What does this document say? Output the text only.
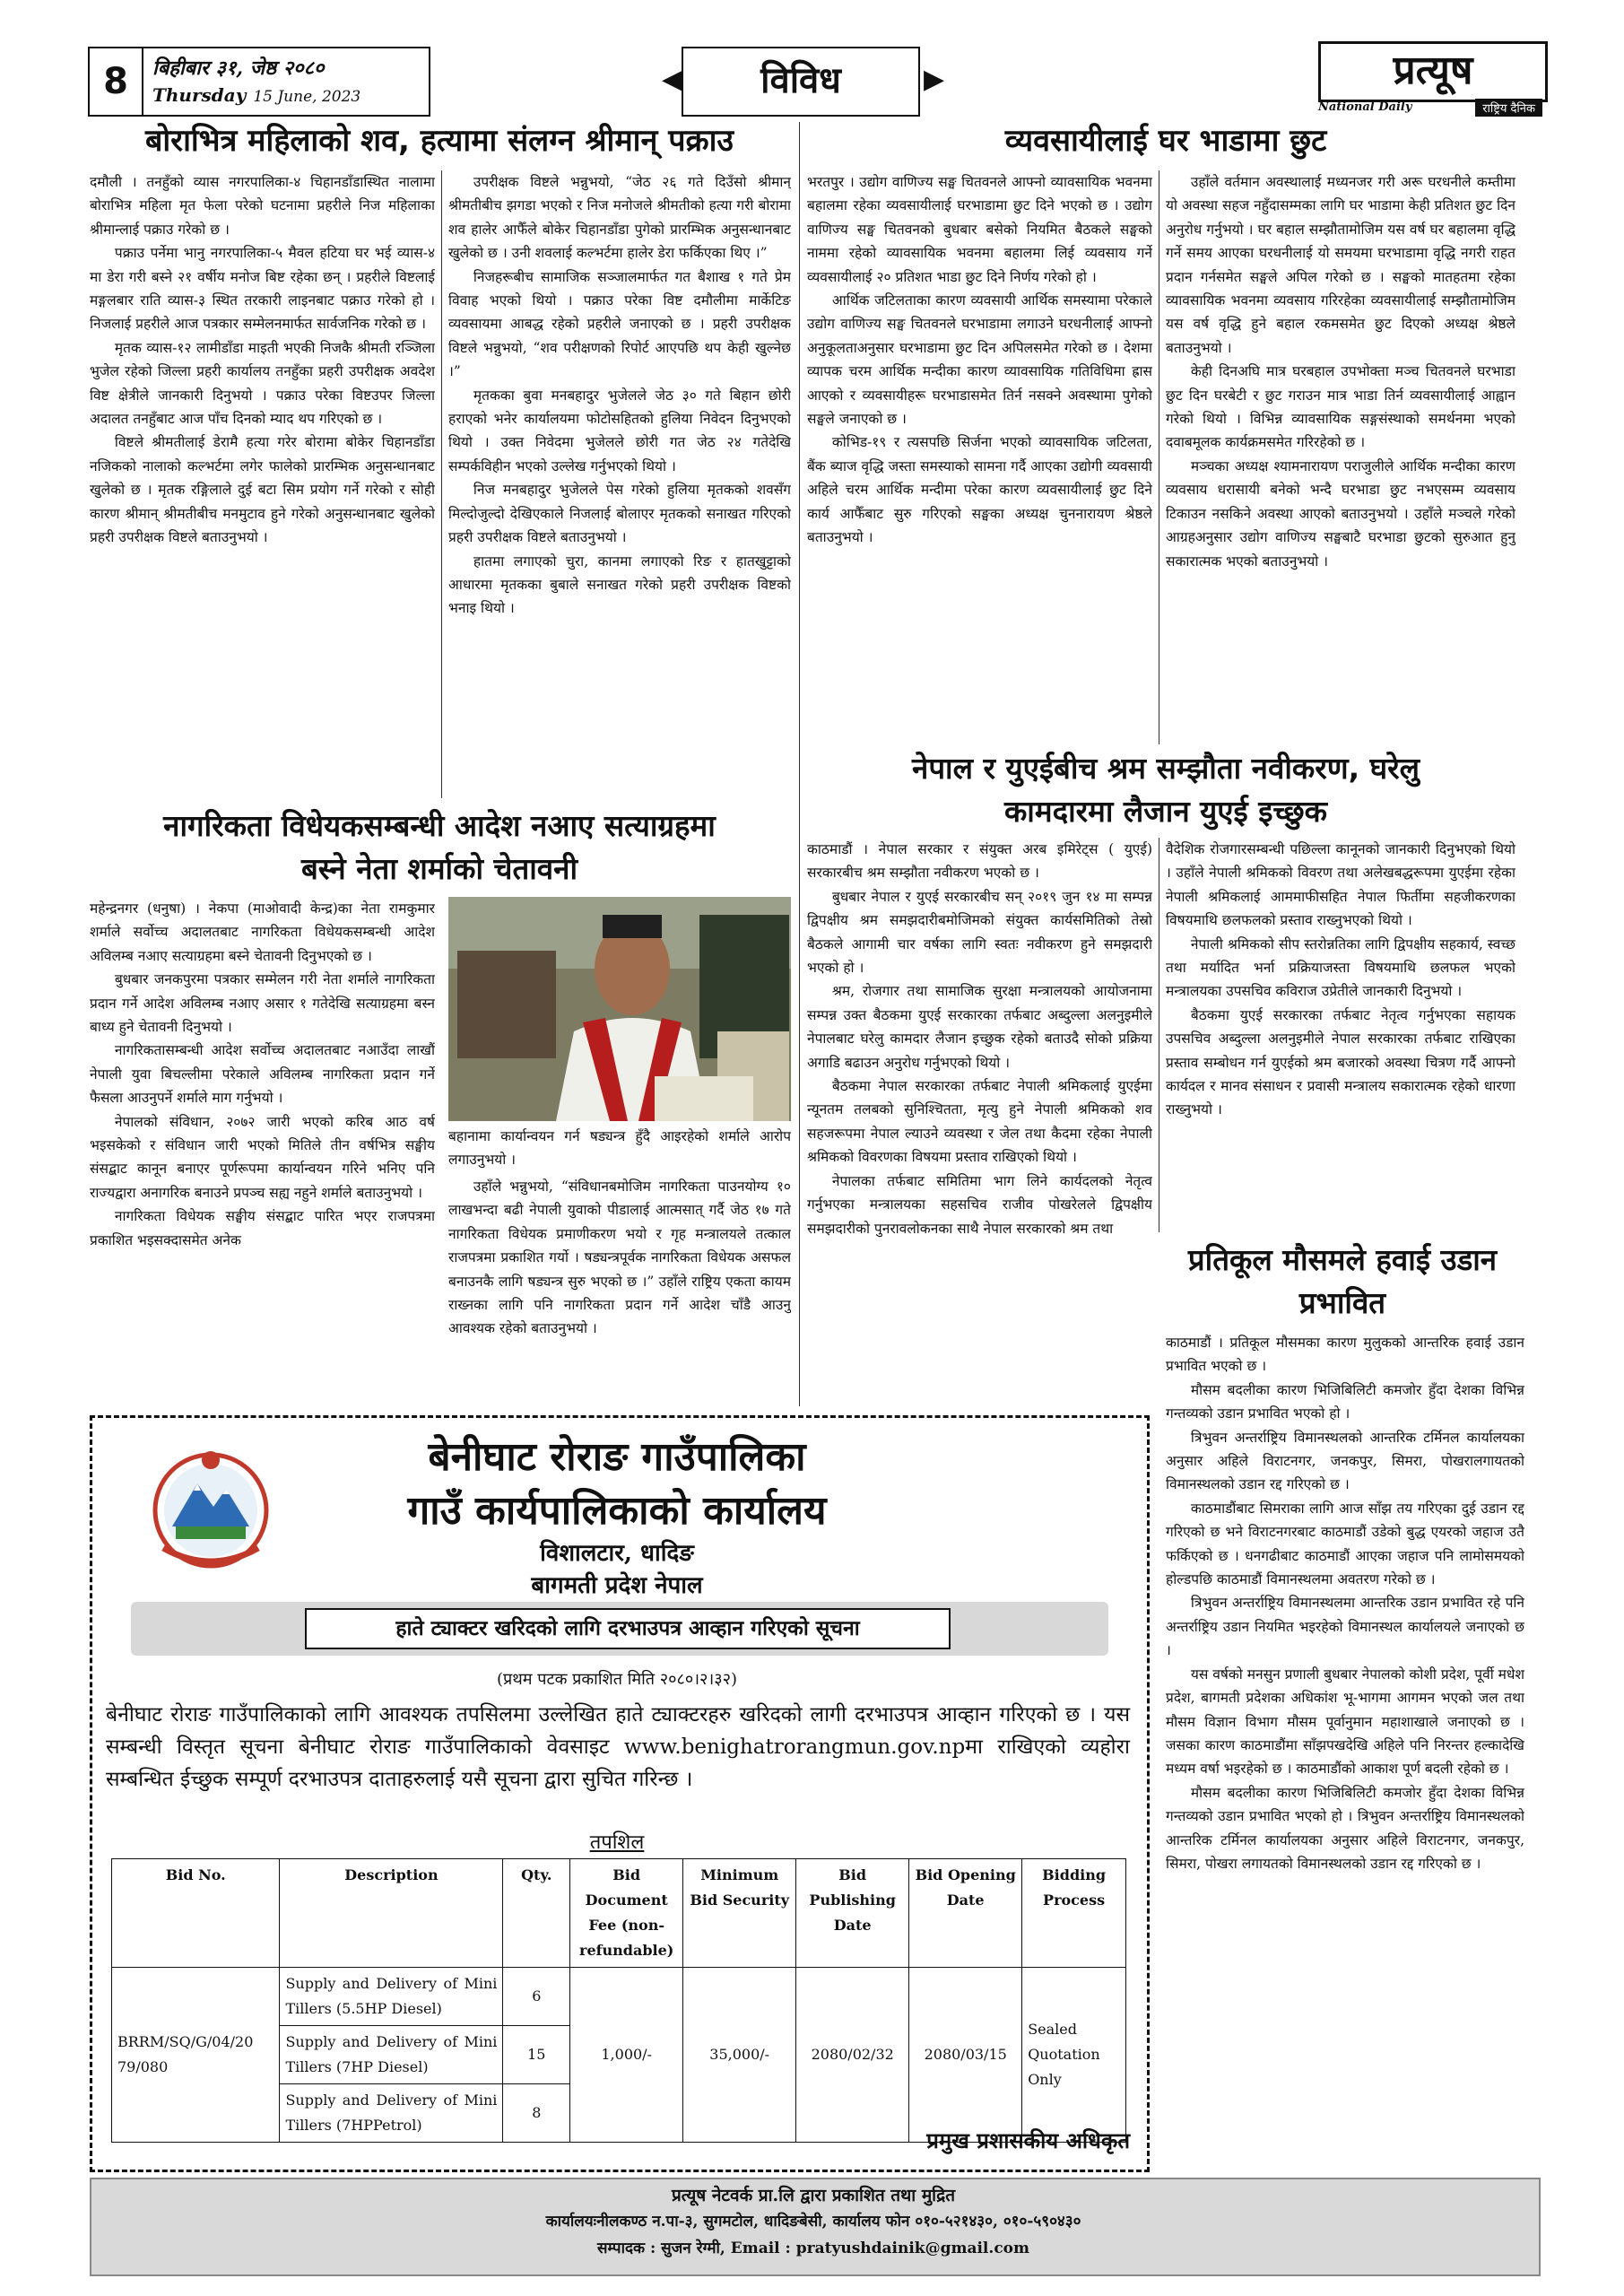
8	बिहीबार ३१, जेष्ठ २०८०
Thursday 15 June, 2023
◀	विविध	▶	प्रत्यूष
National Daily	राष्ट्रिय दैनिक
बोराभित्र महिलाको शव, हत्यामा संलग्न श्रीमान् पक्राउ

दमौली । तनहुँको व्यास नगरपालिका-४ चिहानडाँडास्थित नालामा बोराभित्र महिला मृत फेला परेको घटनामा प्रहरीले निज महिलाका श्रीमान्लाई पक्राउ गरेको छ ।

पक्राउ पर्नेमा भानु नगरपालिका-५ मैवल हटिया घर भई व्यास-४ मा डेरा गरी बस्ने २१ वर्षीय मनोज बिष्ट रहेका छन् । प्रहरीले विष्टलाई मङ्गलबार राति व्यास-३ स्थित तरकारी लाइनबाट पक्राउ गरेको हो । निजलाई प्रहरीले आज पत्रकार सम्मेलनमार्फत सार्वजनिक गरेको छ ।

मृतक व्यास-१२ लामीडाँडा माइती भएकी निजकै श्रीमती रञ्जिला भुजेल रहेको जिल्ला प्रहरी कार्यालय तनहुँका प्रहरी उपरीक्षक अवदेश विष्ट क्षेत्रीले जानकारी दिनुभयो । पक्राउ परेका विष्टउपर जिल्ला अदालत तनहुँबाट आज पाँच दिनको म्याद थप गरिएको छ ।

विष्टले श्रीमतीलाई डेरामै हत्या गरेर बोरामा बोकेर चिहानडाँडा नजिकको नालाको कल्भर्टमा लगेर फालेको प्रारम्भिक अनुसन्धानबाट खुलेको छ । मृतक रङ्गिलाले दुई बटा सिम प्रयोग गर्ने गरेको र सोही कारण श्रीमान् श्रीमतीबीच मनमुटाव हुने गरेको अनुसन्धानबाट खुलेको प्रहरी उपरीक्षक विष्टले बताउनुभयो ।

उपरीक्षक विष्टले भन्नुभयो, “जेठ २६ गते दिउँसो श्रीमान् श्रीमतीबीच झगडा भएको र निज मनोजले श्रीमतीको हत्या गरी बोरामा शव हालेर आफैँले बोकेर चिहानडाँडा पुगेको प्रारम्भिक अनुसन्धानबाट खुलेको छ । उनी शवलाई कल्भर्टमा हालेर डेरा फर्किएका थिए ।”

निजहरूबीच सामाजिक सञ्जालमार्फत गत बैशाख १ गते प्रेम विवाह भएको थियो । पक्राउ परेका विष्ट दमौलीमा मार्केटिङ व्यवसायमा आबद्ध रहेको प्रहरीले जनाएको छ । प्रहरी उपरीक्षक विष्टले भन्नुभयो, “शव परीक्षणको रिपोर्ट आएपछि थप केही खुल्नेछ ।”

मृतकका बुवा मनबहादुर भुजेलले जेठ ३० गते बिहान छोरी हराएको भनेर कार्यालयमा फोटोसहितको हुलिया निवेदन दिनुभएको थियो । उक्त निवेदमा भुजेलले छोरी गत जेठ २४ गतेदेखि सम्पर्कविहीन भएको उल्लेख गर्नुभएको थियो ।

निज मनबहादुर भुजेलले पेस गरेको हुलिया मृतकको शवसँग मिल्दोजुल्दो देखिएकाले निजलाई बोलाएर मृतकको सनाखत गरिएको प्रहरी उपरीक्षक विष्टले बताउनुभयो ।

हातमा लगाएको चुरा, कानमा लगाएको रिङ र हातखुट्टाको आधारमा मृतकका बुबाले सनाखत गरेको प्रहरी उपरीक्षक विष्टको भनाइ थियो ।

नागरिकता विधेयकसम्बन्धी आदेश नआए सत्याग्रहमा
बस्ने नेता शर्माको चेतावनी

महेन्द्रनगर (धनुषा) । नेकपा (माओवादी केन्द्र)का नेता रामकुमार शर्माले सर्वोच्च अदालतबाट नागरिकता विधेयकसम्बन्धी आदेश अविलम्ब नआए सत्याग्रहमा बस्ने चेतावनी दिनुभएको छ ।

बुधबार जनकपुरमा पत्रकार सम्मेलन गरी नेता शर्माले नागरिकता प्रदान गर्ने आदेश अविलम्ब नआए असार १ गतेदेखि सत्याग्रहमा बस्न बाध्य हुने चेतावनी दिनुभयो ।

नागरिकतासम्बन्धी आदेश सर्वोच्च अदालतबाट नआउँदा लाखौं नेपाली युवा बिचल्लीमा परेकाले अविलम्ब नागरिकता प्रदान गर्ने फैसला आउनुपर्ने शर्माले माग गर्नुभयो ।

नेपालको संविधान, २०७२ जारी भएको करिब आठ वर्ष भइसकेको र संविधान जारी भएको मितिले तीन वर्षभित्र सङ्घीय संसद्बाट कानून बनाएर पूर्णरूपमा कार्यान्वयन गरिने भनिए पनि राज्यद्वारा अनागरिक बनाउने प्रपञ्च सह्य नहुने शर्माले बताउनुभयो ।

नागरिकता विधेयक सङ्घीय संसद्बाट पारित भएर राजपत्रमा प्रकाशित भइसक्दासमेत अनेक

बहानामा कार्यान्वयन गर्न षड्यन्त्र हुँदै आइरहेको शर्माले आरोप लगाउनुभयो ।

उहाँले भन्नुभयो, “संविधानबमोजिम नागरिकता पाउनयोग्य १० लाखभन्दा बढी नेपाली युवाको पीडालाई आत्मसात् गर्दै जेठ १७ गते नागरिकता विधेयक प्रमाणीकरण भयो र गृह मन्त्रालयले तत्काल राजपत्रमा प्रकाशित गर्यो । षड्यन्त्रपूर्वक नागरिकता विधेयक असफल बनाउनकै लागि षड्यन्त्र सुरु भएको छ ।” उहाँले राष्ट्रिय एकता कायम राख्नका लागि पनि नागरिकता प्रदान गर्ने आदेश चाँडै आउनु आवश्यक रहेको बताउनुभयो ।

व्यवसायीलाई घर भाडामा छुट

भरतपुर । उद्योग वाणिज्य सङ्घ चितवनले आफ्नो व्यावसायिक भवनमा बहालमा रहेका व्यवसायीलाई घरभाडामा छुट दिने भएको छ । उद्योग वाणिज्य सङ्घ चितवनको बुधबार बसेको नियमित बैठकले सङ्घको नाममा रहेको व्यावसायिक भवनमा बहालमा लिई व्यवसाय गर्ने व्यवसायीलाई २० प्रतिशत भाडा छुट दिने निर्णय गरेको हो ।

आर्थिक जटिलताका कारण व्यवसायी आर्थिक समस्यामा परेकाले उद्योग वाणिज्य सङ्घ चितवनले घरभाडामा लगाउने घरधनीलाई आफ्नो अनुकूलताअनुसार घरभाडामा छुट दिन अपिलसमेत गरेको छ । देशमा व्यापक चरम आर्थिक मन्दीका कारण व्यावसायिक गतिविधिमा ह्रास आएको र व्यवसायीहरू घरभाडासमेत तिर्न नसक्ने अवस्थामा पुगेको सङ्घले जनाएको छ ।

कोभिड-१९ र त्यसपछि सिर्जना भएको व्यावसायिक जटिलता, बैंक ब्याज वृद्धि जस्ता समस्याको सामना गर्दै आएका उद्योगी व्यवसायी अहिले चरम आर्थिक मन्दीमा परेका कारण व्यवसायीलाई छुट दिने कार्य आफैँबाट सुरु गरिएको सङ्घका अध्यक्ष चुननारायण श्रेष्ठले बताउनुभयो ।

उहाँले वर्तमान अवस्थालाई मध्यनजर गरी अरू घरधनीले कम्तीमा यो अवस्था सहज नहुँदासम्मका लागि घर भाडामा केही प्रतिशत छुट दिन अनुरोध गर्नुभयो । घर बहाल सम्झौतामोजिम यस वर्ष घर बहालमा वृद्धि गर्ने समय आएका घरधनीलाई यो समयमा घरभाडामा वृद्धि नगरी राहत प्रदान गर्नसमेत सङ्घले अपिल गरेको छ । सङ्घको मातहतमा रहेका व्यावसायिक भवनमा व्यवसाय गरिरहेका व्यवसायीलाई सम्झौतामोजिम यस वर्ष वृद्धि हुने बहाल रकमसमेत छुट दिएको अध्यक्ष श्रेष्ठले बताउनुभयो ।

केही दिनअघि मात्र घरबहाल उपभोक्ता मञ्च चितवनले घरभाडा छुट दिन घरबेटी र छुट गराउन मात्र भाडा तिर्न व्यवसायीलाई आह्वान गरेको थियो । विभिन्न व्यावसायिक सङ्गसंस्थाको समर्थनमा भएको दवाबमूलक कार्यक्रमसमेत गरिरहेको छ ।

मञ्चका अध्यक्ष श्यामनारायण पराजुलीले आर्थिक मन्दीका कारण व्यवसाय धरासायी बनेको भन्दै घरभाडा छुट नभएसम्म व्यवसाय टिकाउन नसकिने अवस्था आएको बताउनुभयो । उहाँले मञ्चले गरेको आग्रहअनुसार उद्योग वाणिज्य सङ्घबाटै घरभाडा छुटको सुरुआत हुनु सकारात्मक भएको बताउनुभयो ।

नेपाल र युएईबीच श्रम सम्झौता नवीकरण, घरेलु
कामदारमा लैजान युएई इच्छुक

काठमाडौं । नेपाल सरकार र संयुक्त अरब इमिरेट्स ( युएई) सरकारबीच श्रम सम्झौता नवीकरण भएको छ ।

बुधबार नेपाल र युएई सरकारबीच सन् २०१९ जुन १४ मा सम्पन्न द्विपक्षीय श्रम समझदारीबमोजिमको संयुक्त कार्यसमितिको तेस्रो बैठकले आगामी चार वर्षका लागि स्वतः नवीकरण हुने समझदारी भएको हो ।

श्रम, रोजगार तथा सामाजिक सुरक्षा मन्त्रालयको आयोजनामा सम्पन्न उक्त बैठकमा युएई सरकारका तर्फबाट अब्दुल्ला अलनुइमीले नेपालबाट घरेलु कामदार लैजान इच्छुक रहेको बताउदै सोको प्रक्रिया अगाडि बढाउन अनुरोध गर्नुभएको थियो ।

बैठकमा नेपाल सरकारका तर्फबाट नेपाली श्रमिकलाई युएईमा न्यूनतम तलबको सुनिश्चितता, मृत्यु हुने नेपाली श्रमिकको शव सहजरूपमा नेपाल ल्याउने व्यवस्था र जेल तथा कैदमा रहेका नेपाली श्रमिकको विवरणका विषयमा प्रस्ताव राखिएको थियो ।

नेपालका तर्फबाट समितिमा भाग लिने कार्यदलको नेतृत्व गर्नुभएका मन्त्रालयका सहसचिव राजीव पोखरेलले द्विपक्षीय समझदारीको पुनरावलोकनका साथै नेपाल सरकारको श्रम तथा

वैदेशिक रोजगारसम्बन्धी पछिल्ला कानूनको जानकारी दिनुभएको थियो । उहाँले नेपाली श्रमिकको विवरण तथा अलेखबद्धरूपमा युएईमा रहेका नेपाली श्रमिकलाई आममाफीसहित नेपाल फिर्तीमा सहजीकरणका विषयमाथि छलफलको प्रस्ताव राख्नुभएको थियो ।

नेपाली श्रमिकको सीप स्तरोन्नतिका लागि द्विपक्षीय सहकार्य, स्वच्छ तथा मर्यादित भर्ना प्रक्रियाजस्ता विषयमाथि छलफल भएको मन्त्रालयका उपसचिव कविराज उप्रेतीले जानकारी दिनुभयो ।

बैठकमा युएई सरकारका तर्फबाट नेतृत्व गर्नुभएका सहायक उपसचिव अब्दुल्ला अलनुइमीले नेपाल सरकारका तर्फबाट राखिएका प्रस्ताव सम्बोधन गर्न युएईको श्रम बजारको अवस्था चित्रण गर्दै आफ्नो कार्यदल र मानव संसाधन र प्रवासी मन्त्रालय सकारात्मक रहेको धारणा राख्नुभयो ।

प्रतिकूल मौसमले हवाई उडान
प्रभावित

काठमाडौं । प्रतिकूल मौसमका कारण मुलुकको आन्तरिक हवाई उडान प्रभावित भएको छ ।

मौसम बदलीका कारण भिजिबिलिटी कमजोर हुँदा देशका विभिन्न गन्तव्यको उडान प्रभावित भएको हो ।

त्रिभुवन अन्तर्राष्ट्रिय विमानस्थलको आन्तरिक टर्मिनल कार्यालयका अनुसार अहिले विराटनगर, जनकपुर, सिमरा, पोखरालगायतको विमानस्थलको उडान रद्द गरिएको छ ।

काठमाडौंबाट सिमराका लागि आज साँझ तय गरिएका दुई उडान रद्द गरिएको छ भने विराटनगरबाट काठमाडौं उडेको बुद्ध एयरको जहाज उतै फर्किएको छ । धनगढीबाट काठमाडौं आएका जहाज पनि लामोसमयको होल्डपछि काठमाडौं विमानस्थलमा अवतरण गरेको छ ।

त्रिभुवन अन्तर्राष्ट्रिय विमानस्थलमा आन्तरिक उडान प्रभावित रहे पनि अन्तर्राष्ट्रिय उडान नियमित भइरहेको विमानस्थल कार्यालयले जनाएको छ ।

यस वर्षको मनसुन प्रणाली बुधबार नेपालको कोशी प्रदेश, पूर्वी मधेश प्रदेश, बागमती प्रदेशका अधिकांश भू-भागमा आगमन भएको जल तथा मौसम विज्ञान विभाग मौसम पूर्वानुमान महाशाखाले जनाएको छ । जसका कारण काठमाडौंमा साँझपखदेखि अहिले पनि निरन्तर हल्कादेखि मध्यम वर्षा भइरहेको छ । काठमाडौंको आकाश पूर्ण बदली रहेको छ ।

मौसम बदलीका कारण भिजिबिलिटी कमजोर हुँदा देशका विभिन्न गन्तव्यको उडान प्रभावित भएको हो । त्रिभुवन अन्तर्राष्ट्रिय विमानस्थलको आन्तरिक टर्मिनल कार्यालयका अनुसार अहिले विराटनगर, जनकपुर, सिमरा, पोखरा लगायतको विमानस्थलको उडान रद्द गरिएको छ ।

बेनीघाट रोराङ गाउँपालिका
गाउँ कार्यपालिकाको कार्यालय
विशालटार, धादिङ
बागमती प्रदेश नेपाल
हाते ट्याक्टर खरिदको लागि दरभाउपत्र आव्हान गरिएको सूचना
(प्रथम पटक प्रकाशित मिति २०८०।२।३२)
बेनीघाट रोराङ गाउँपालिकाको लागि आवश्यक तपसिलमा उल्लेखित हाते ट्याक्टरहरु खरिदको लागी दरभाउपत्र आव्हान गरिएको छ । यस सम्बन्धी विस्तृत सूचना बेनीघाट रोराङ गाउँपालिकाको वेवसाइट www.benighatrorangmun.gov.npमा राखिएको व्यहोरा सम्बन्धित ईच्छुक सम्पूर्ण दरभाउपत्र दाताहरुलाई यसै सूचना द्वारा सुचित गरिन्छ ।
तपशिल
Bid No.	Description	Qty.	Bid Document Fee (non-refundable)	Minimum Bid Security	Bid Publishing Date	Bid Opening Date	Bidding Process
BRRM/SQ/G/04/20 79/080	Supply and Delivery of Mini Tillers (5.5HP Diesel)	6	1,000/-	35,000/-	2080/02/32	2080/03/15	Sealed Quotation Only
	Supply and Delivery of Mini Tillers (7HP Diesel)	15					
	Supply and Delivery of Mini Tillers (7HPPetrol)	8					
प्रमुख प्रशासकीय अधिकृत
प्रत्यूष नेटवर्क प्रा.लि द्वारा प्रकाशित तथा मुद्रित
कार्यालयःनीलकण्ठ न.पा-३, सुगमटोल, धादिङबेसी, कार्यालय फोन ०१०-५२१४३०, ०१०-५९०४३०
सम्पादक : सुजन रेग्मी, Email : pratyushdainik@gmail.com
